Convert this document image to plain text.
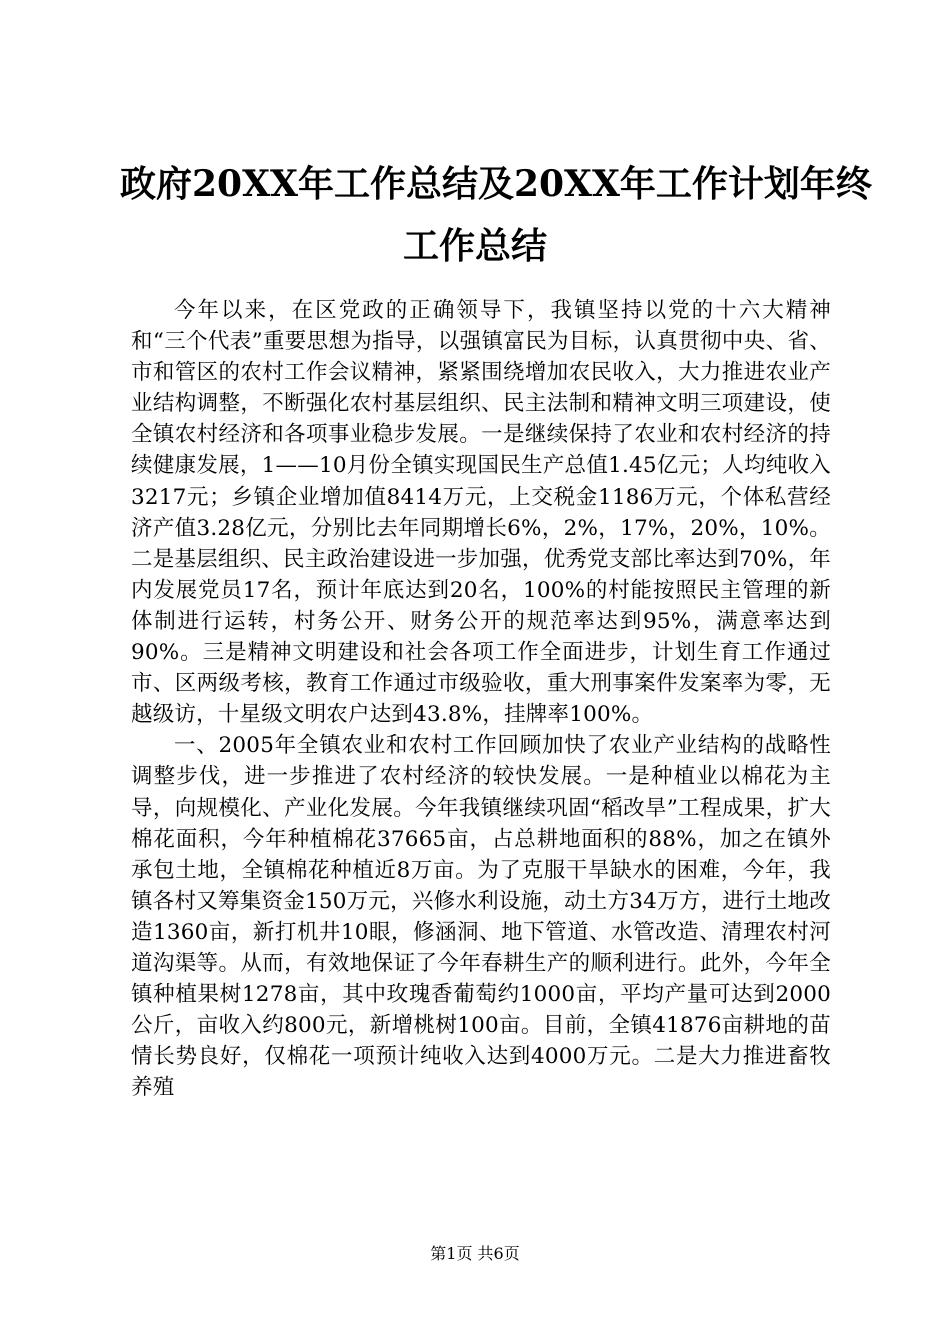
政府20XX年工作总结及20XX年工作计划年终
工作总结

今年以来，在区党政的正确领导下，我镇坚持以党的十六大精神和“三个代表”重要思想为指导，以强镇富民为目标，认真贯彻中央、省、市和管区的农村工作会议精神，紧紧围绕增加农民收入，大力推进农业产业结构调整，不断强化农村基层组织、民主法制和精神文明三项建设，使全镇农村经济和各项事业稳步发展。一是继续保持了农业和农村经济的持续健康发展，1——10月份全镇实现国民生产总值1.45亿元；人均纯收入3217元；乡镇企业增加值8414万元，上交税金1186万元，个体私营经济产值3.28亿元，分别比去年同期增长6%，2%，17%，20%，10%。二是基层组织、民主政治建设进一步加强，优秀党支部比率达到70%，年内发展党员17名，预计年底达到20名，100%的村能按照民主管理的新体制进行运转，村务公开、财务公开的规范率达到95%，满意率达到90%。三是精神文明建设和社会各项工作全面进步，计划生育工作通过市、区两级考核，教育工作通过市级验收，重大刑事案件发案率为零，无越级访，十星级文明农户达到43.8%，挂牌率100%。

一、2005年全镇农业和农村工作回顾加快了农业产业结构的战略性调整步伐，进一步推进了农村经济的较快发展。一是种植业以棉花为主导，向规模化、产业化发展。今年我镇继续巩固“稻改旱”工程成果，扩大棉花面积，今年种植棉花37665亩，占总耕地面积的88%，加之在镇外承包土地，全镇棉花种植近8万亩。为了克服干旱缺水的困难，今年，我镇各村又筹集资金150万元，兴修水利设施，动土方34万方，进行土地改造1360亩，新打机井10眼，修涵洞、地下管道、水管改造、清理农村河道沟渠等。从而，有效地保证了今年春耕生产的顺利进行。此外，今年全镇种植果树1278亩，其中玫瑰香葡萄约1000亩，平均产量可达到2000公斤，亩收入约800元，新增桃树100亩。目前，全镇41876亩耕地的苗情长势良好，仅棉花一项预计纯收入达到4000万元。二是大力推进畜牧养殖

第1页 共6页
